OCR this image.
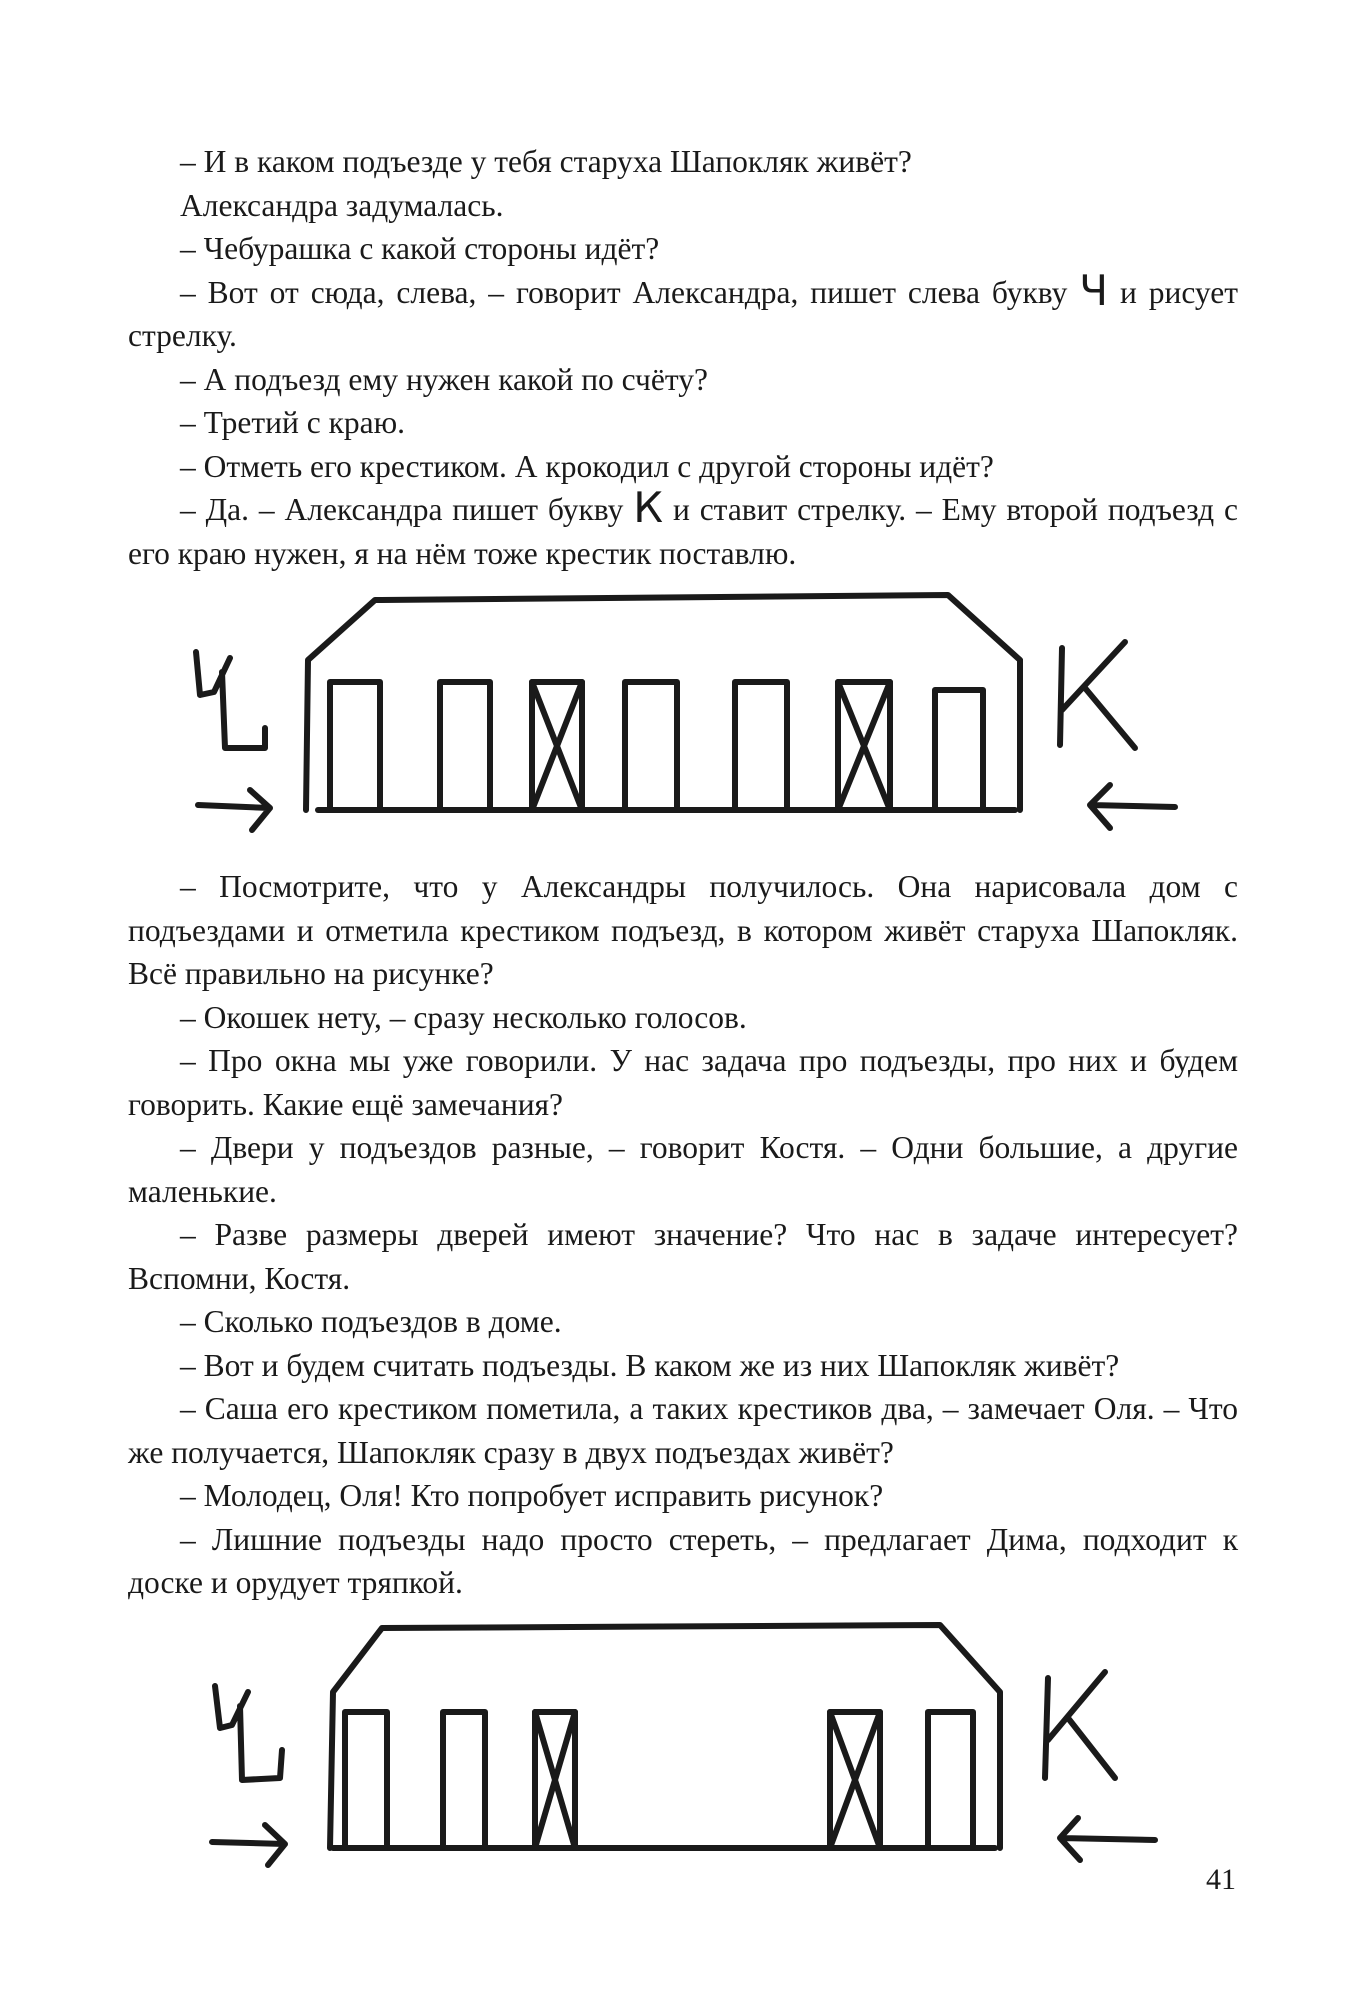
– И в каком подъезде у тебя старуха Шапокляк живёт?

Александра задумалась.

– Чебурашка с какой стороны идёт?

– Вот от сюда, слева, – говорит Александра, пишет слева букву Ч и рисует стрелку.

– А подъезд ему нужен какой по счёту?

– Третий с краю.

– Отметь его крестиком. А крокодил с другой стороны идёт?

– Да. – Александра пишет букву К и ставит стрелку. – Ему второй подъезд с его краю нужен, я на нём тоже крестик поставлю.

– Посмотрите, что у Александры получилось. Она нарисовала дом с подъездами и отметила крестиком подъезд, в котором живёт старуха Шапокляк. Всё правильно на рисунке?

– Окошек нету, – сразу несколько голосов.

– Про окна мы уже говорили. У нас задача про подъезды, про них и будем говорить. Какие ещё замечания?

– Двери у подъездов разные, – говорит Костя. – Одни большие, а другие маленькие.

– Разве размеры дверей имеют значение? Что нас в задаче интересует? Вспомни, Костя.

– Сколько подъездов в доме.

– Вот и будем считать подъезды. В каком же из них Шапокляк живёт?

– Саша его крестиком пометила, а таких крестиков два, – замечает Оля. – Что же получается, Шапокляк сразу в двух подъездах живёт?

– Молодец, Оля! Кто попробует исправить рисунок?

– Лишние подъезды надо просто стереть, – предлагает Дима, подходит к доске и орудует тряпкой.

41
